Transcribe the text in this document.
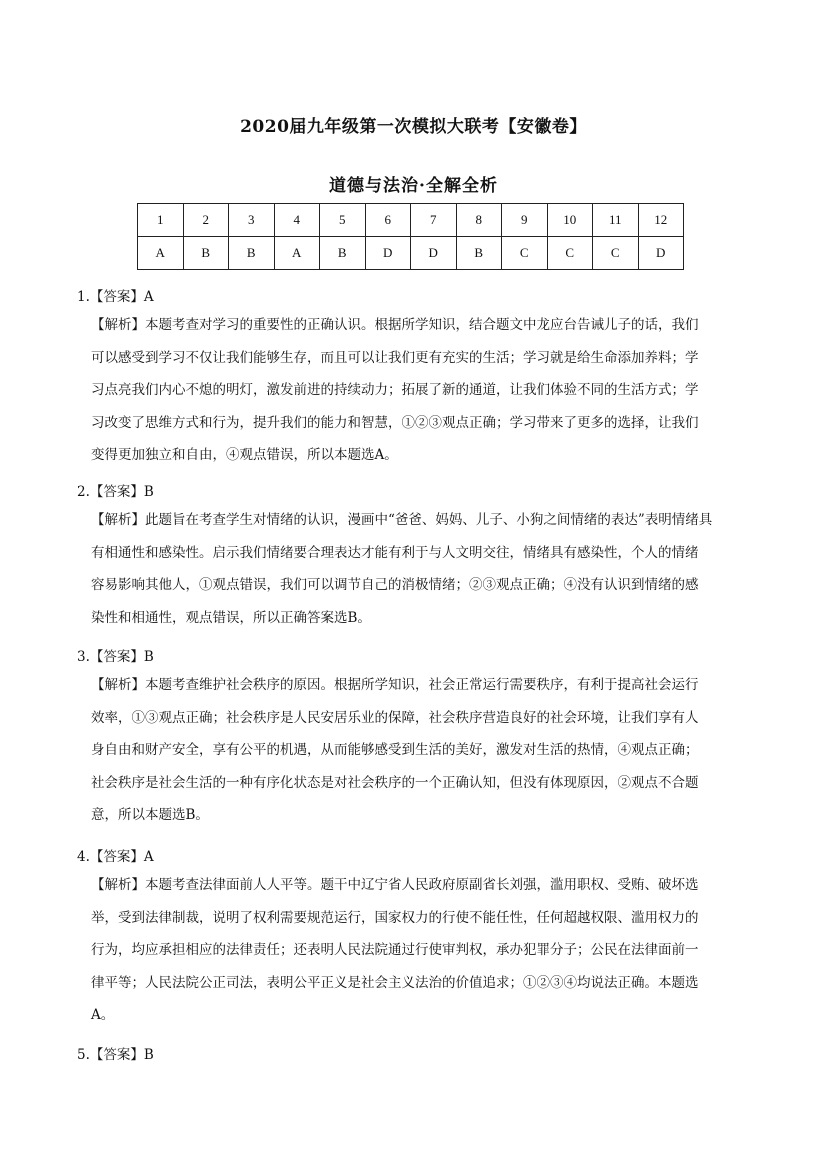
2020届九年级第一次模拟大联考【安徽卷】
道德与法治·全解全析
1	2	3	4	5	6	7	8	9	10	11	12
A	B	B	A	B	D	D	B	C	C	C	D
1.【答案】A

【解析】本题考查对学习的重要性的正确认识。根据所学知识，结合题文中龙应台告诫儿子的话，我们

可以感受到学习不仅让我们能够生存，而且可以让我们更有充实的生活；学习就是给生命添加养料；学

习点亮我们内心不熄的明灯，激发前进的持续动力；拓展了新的通道，让我们体验不同的生活方式；学

习改变了思维方式和行为，提升我们的能力和智慧，①②③观点正确；学习带来了更多的选择，让我们

变得更加独立和自由，④观点错误，所以本题选A。

2.【答案】B

【解析】此题旨在考查学生对情绪的认识，漫画中“爸爸、妈妈、儿子、小狗之间情绪的表达”表明情绪具

有相通性和感染性。启示我们情绪要合理表达才能有利于与人文明交往，情绪具有感染性，个人的情绪

容易影响其他人，①观点错误，我们可以调节自己的消极情绪；②③观点正确；④没有认识到情绪的感

染性和相通性，观点错误，所以正确答案选B。

3.【答案】B

【解析】本题考查维护社会秩序的原因。根据所学知识，社会正常运行需要秩序，有利于提高社会运行

效率，①③观点正确；社会秩序是人民安居乐业的保障，社会秩序营造良好的社会环境，让我们享有人

身自由和财产安全，享有公平的机遇，从而能够感受到生活的美好，激发对生活的热情，④观点正确；

社会秩序是社会生活的一种有序化状态是对社会秩序的一个正确认知，但没有体现原因，②观点不合题

意，所以本题选B。

4.【答案】A

【解析】本题考查法律面前人人平等。题干中辽宁省人民政府原副省长刘强，滥用职权、受贿、破坏选

举，受到法律制裁，说明了权利需要规范运行，国家权力的行使不能任性，任何超越权限、滥用权力的

行为，均应承担相应的法律责任；还表明人民法院通过行使审判权，承办犯罪分子；公民在法律面前一

律平等；人民法院公正司法，表明公平正义是社会主义法治的价值追求；①②③④均说法正确。本题选

A。

5.【答案】B
